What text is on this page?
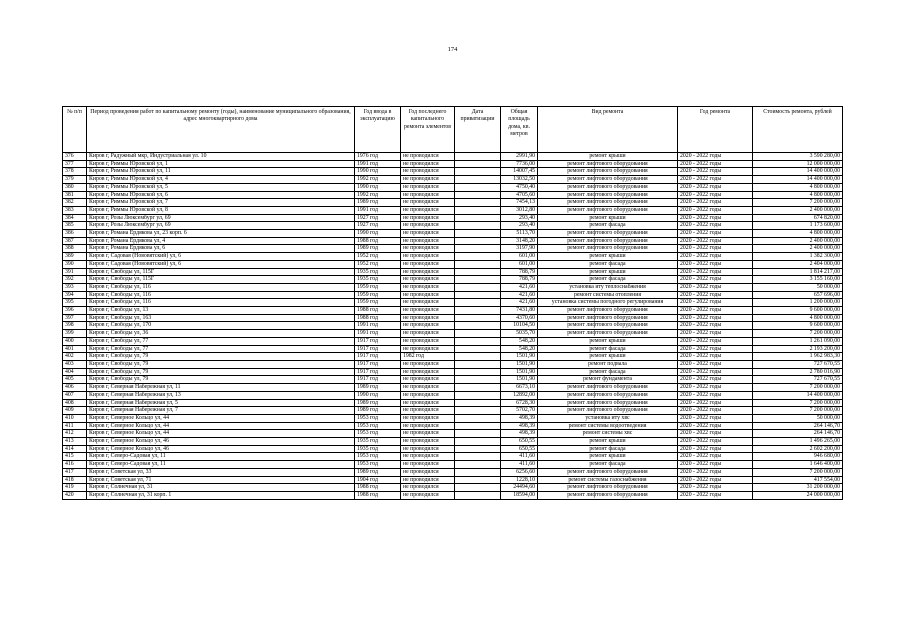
174
№ п/п	Период проведения работ по капитальному ремонту (годы), наименование муниципального образования, адрес многоквартирного дома	Год ввода в эксплуатацию	Год последнего капитального ремонта элементов	Дата приватизации	Общая площадь дома, кв. метров	Вид ремонта	Год ремонта	Стоимость ремонта, рублей
376	Киров г, Радужный мкр, Индустриальная ул. 10	1976 год	не проводился		2991,90	ремонт крыши	2020 - 2022 годы	3 590 280,00
377	Киров г, Риммы Юровской ул, 1	1991 год	не проводился		7736,00	ремонт лифтового оборудования	2020 - 2022 годы	12 000 000,00
378	Киров г, Риммы Юровской ул, 11	1990 год	не проводился		14007,45	ремонт лифтового оборудования	2020 - 2022 годы	14 400 000,00
379	Киров г, Риммы Юровской ул, 4	1992 год	не проводился		13032,50	ремонт лифтового оборудования	2020 - 2022 годы	14 400 000,00
380	Киров г, Риммы Юровской ул, 5	1990 год	не проводился		4750,40	ремонт лифтового оборудования	2020 - 2022 годы	4 800 000,00
381	Киров г, Риммы Юровской ул, 6	1992 год	не проводился		4705,60	ремонт лифтового оборудования	2020 - 2022 годы	4 800 000,00
382	Киров г, Риммы Юровской ул, 7	1989 год	не проводился		7454,13	ремонт лифтового оборудования	2020 - 2022 годы	7 200 000,00
383	Киров г, Риммы Юровской ул, 8	1991 год	не проводился		3012,80	ремонт лифтового оборудования	2020 - 2022 годы	2 400 000,00
384	Киров г, Розы Люксембург ул, 69	1927 год	не проводился		293,40	ремонт крыши	2020 - 2022 годы	674 820,00
385	Киров г, Розы Люксембург ул, 69	1927 год	не проводился		293,40	ремонт фасада	2020 - 2022 годы	1 173 600,00
386	Киров г, Романа Ердякова ул, 23 корп. 6	1990 год	не проводился		5113,70	ремонт лифтового оборудования	2020 - 2022 годы	4 800 000,00
387	Киров г, Романа Ердякова ул, 4	1988 год	не проводился		3148,20	ремонт лифтового оборудования	2020 - 2022 годы	2 400 000,00
388	Киров г, Романа Ердякова ул, 6	1989 год	не проводился		3197,90	ремонт лифтового оборудования	2020 - 2022 годы	2 400 000,00
389	Киров г, Садовая (Нововятский) ул, 6	1952 год	не проводился		601,00	ремонт крыши	2020 - 2022 годы	1 382 300,00
390	Киров г, Садовая (Нововятский) ул, 6	1952 год	не проводился		601,00	ремонт фасада	2020 - 2022 годы	2 404 000,00
391	Киров г, Свободы ул, 115Г	1935 год	не проводился		788,79	ремонт крыши	2020 - 2022 годы	1 814 217,00
392	Киров г, Свободы ул, 115Г	1935 год	не проводился		788,79	ремонт фасада	2020 - 2022 годы	3 155 160,00
393	Киров г, Свободы ул, 116	1959 год	не проводился		421,60	установка иту теплоснабжения	2020 - 2022 годы	50 000,00
394	Киров г, Свободы ул, 116	1959 год	не проводился		421,60	ремонт системы отопления	2020 - 2022 годы	657 696,00
395	Киров г, Свободы ул, 116	1959 год	не проводился		421,60	установка системы погодного регулирования	2020 - 2022 годы	1 200 000,00
396	Киров г, Свободы ул, 13	1988 год	не проводился		7431,80	ремонт лифтового оборудования	2020 - 2022 годы	9 600 000,00
397	Киров г, Свободы ул, 163	1988 год	не проводился		4370,60	ремонт лифтового оборудования	2020 - 2022 годы	4 800 000,00
398	Киров г, Свободы ул, 170	1991 год	не проводился		10104,50	ремонт лифтового оборудования	2020 - 2022 годы	9 600 000,00
399	Киров г, Свободы ул, 36	1991 год	не проводился		5035,70	ремонт лифтового оборудования	2020 - 2022 годы	7 200 000,00
400	Киров г, Свободы ул, 77	1917 год	не проводился		548,20	ремонт крыши	2020 - 2022 годы	1 261 090,00
401	Киров г, Свободы ул, 77	1917 год	не проводился		548,20	ремонт фасада	2020 - 2022 годы	2 193 200,00
402	Киров г, Свободы ул, 79	1917 год	1982 год		1501,90	ремонт крыши	2020 - 2022 годы	1 962 983,30
403	Киров г, Свободы ул, 79	1917 год	не проводился		1501,90	ремонт подвала	2020 - 2022 годы	727 670,55
404	Киров г, Свободы ул, 79	1917 год	не проводился		1501,90	ремонт фасада	2020 - 2022 годы	2 780 016,90
405	Киров г, Свободы ул, 79	1917 год	не проводился		1501,90	ремонт фундамента	2020 - 2022 годы	727 670,55
406	Киров г, Северная Набережная ул, 11	1989 год	не проводился		6673,10	ремонт лифтового оборудования	2020 - 2022 годы	7 200 000,00
407	Киров г, Северная Набережная ул, 13	1990 год	не проводился		12892,00	ремонт лифтового оборудования	2020 - 2022 годы	14 400 000,00
408	Киров г, Северная Набережная ул, 5	1989 год	не проводился		6728,30	ремонт лифтового оборудования	2020 - 2022 годы	7 200 000,00
409	Киров г, Северная Набережная ул, 7	1989 год	не проводился		5702,70	ремонт лифтового оборудования	2020 - 2022 годы	7 200 000,00
410	Киров г, Северное Кольцо ул, 44	1953 год	не проводился		498,39	установка иту хвс	2020 - 2022 годы	50 000,00
411	Киров г, Северное Кольцо ул, 44	1953 год	не проводился		498,39	ремонт системы водоотведения	2020 - 2022 годы	264 146,70
412	Киров г, Северное Кольцо ул, 44	1953 год	не проводился		498,39	ремонт системы хвс	2020 - 2022 годы	264 146,70
413	Киров г, Северное Кольцо ул, 46	1935 год	не проводился		650,55	ремонт крыши	2020 - 2022 годы	1 496 265,00
414	Киров г, Северное Кольцо ул, 46	1935 год	не проводился		650,55	ремонт фасада	2020 - 2022 годы	2 602 200,00
415	Киров г, Северо-Садовая ул, 11	1953 год	не проводился		411,60	ремонт крыши	2020 - 2022 годы	946 680,00
416	Киров г, Северо-Садовая ул, 11	1953 год	не проводился		411,60	ремонт фасада	2020 - 2022 годы	1 646 400,00
417	Киров г, Советская ул, 33	1989 год	не проводился		6256,60	ремонт лифтового оборудования	2020 - 2022 годы	7 200 000,00
418	Киров г, Советская ул, 71	1904 год	не проводился		1228,10	ремонт системы газоснабжения	2020 - 2022 годы	417 554,00
419	Киров г, Солнечная ул, 31	1988 год	не проводился		24494,60	ремонт лифтового оборудования	2020 - 2022 годы	31 200 000,00
420	Киров г, Солнечная ул, 31 корп. 1	1988 год	не проводился		18594,00	ремонт лифтового оборудования	2020 - 2022 годы	24 000 000,00
